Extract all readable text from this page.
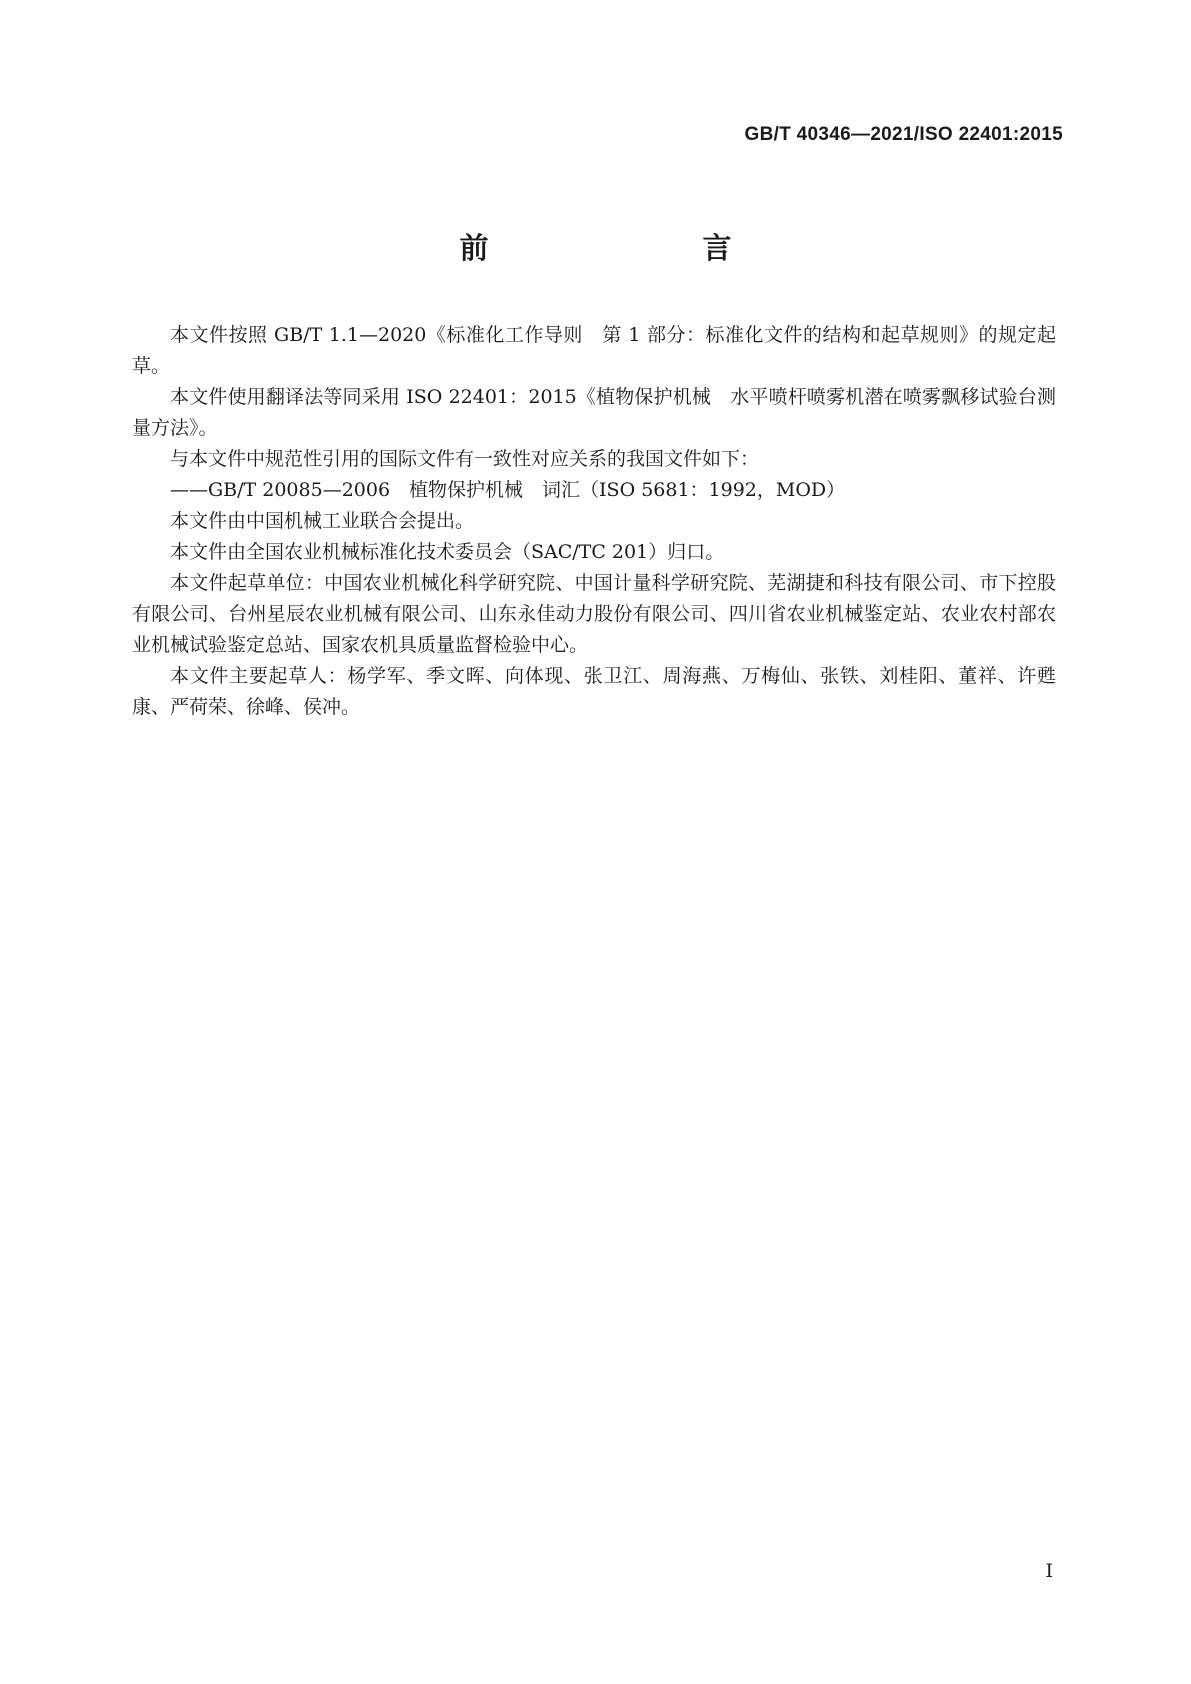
GB/T 40346—2021/ISO 22401:2015
前　　言

本文件按照 GB/T 1.1—2020《标准化工作导则　第 1 部分：标准化文件的结构和起草规则》的规定起草。

本文件使用翻译法等同采用 ISO 22401：2015《植物保护机械　水平喷杆喷雾机潜在喷雾飘移试验台测量方法》。

与本文件中规范性引用的国际文件有一致性对应关系的我国文件如下：

——GB/T 20085—2006　植物保护机械　词汇（ISO 5681：1992，MOD）

本文件由中国机械工业联合会提出。

本文件由全国农业机械标准化技术委员会（SAC/TC 201）归口。

本文件起草单位：中国农业机械化科学研究院、中国计量科学研究院、芜湖捷和科技有限公司、市下控股有限公司、台州星辰农业机械有限公司、山东永佳动力股份有限公司、四川省农业机械鉴定站、农业农村部农业机械试验鉴定总站、国家农机具质量监督检验中心。

本文件主要起草人：杨学军、季文晖、向体现、张卫江、周海燕、万梅仙、张铁、刘桂阳、董祥、许甦康、严荷荣、徐峰、侯冲。

I
